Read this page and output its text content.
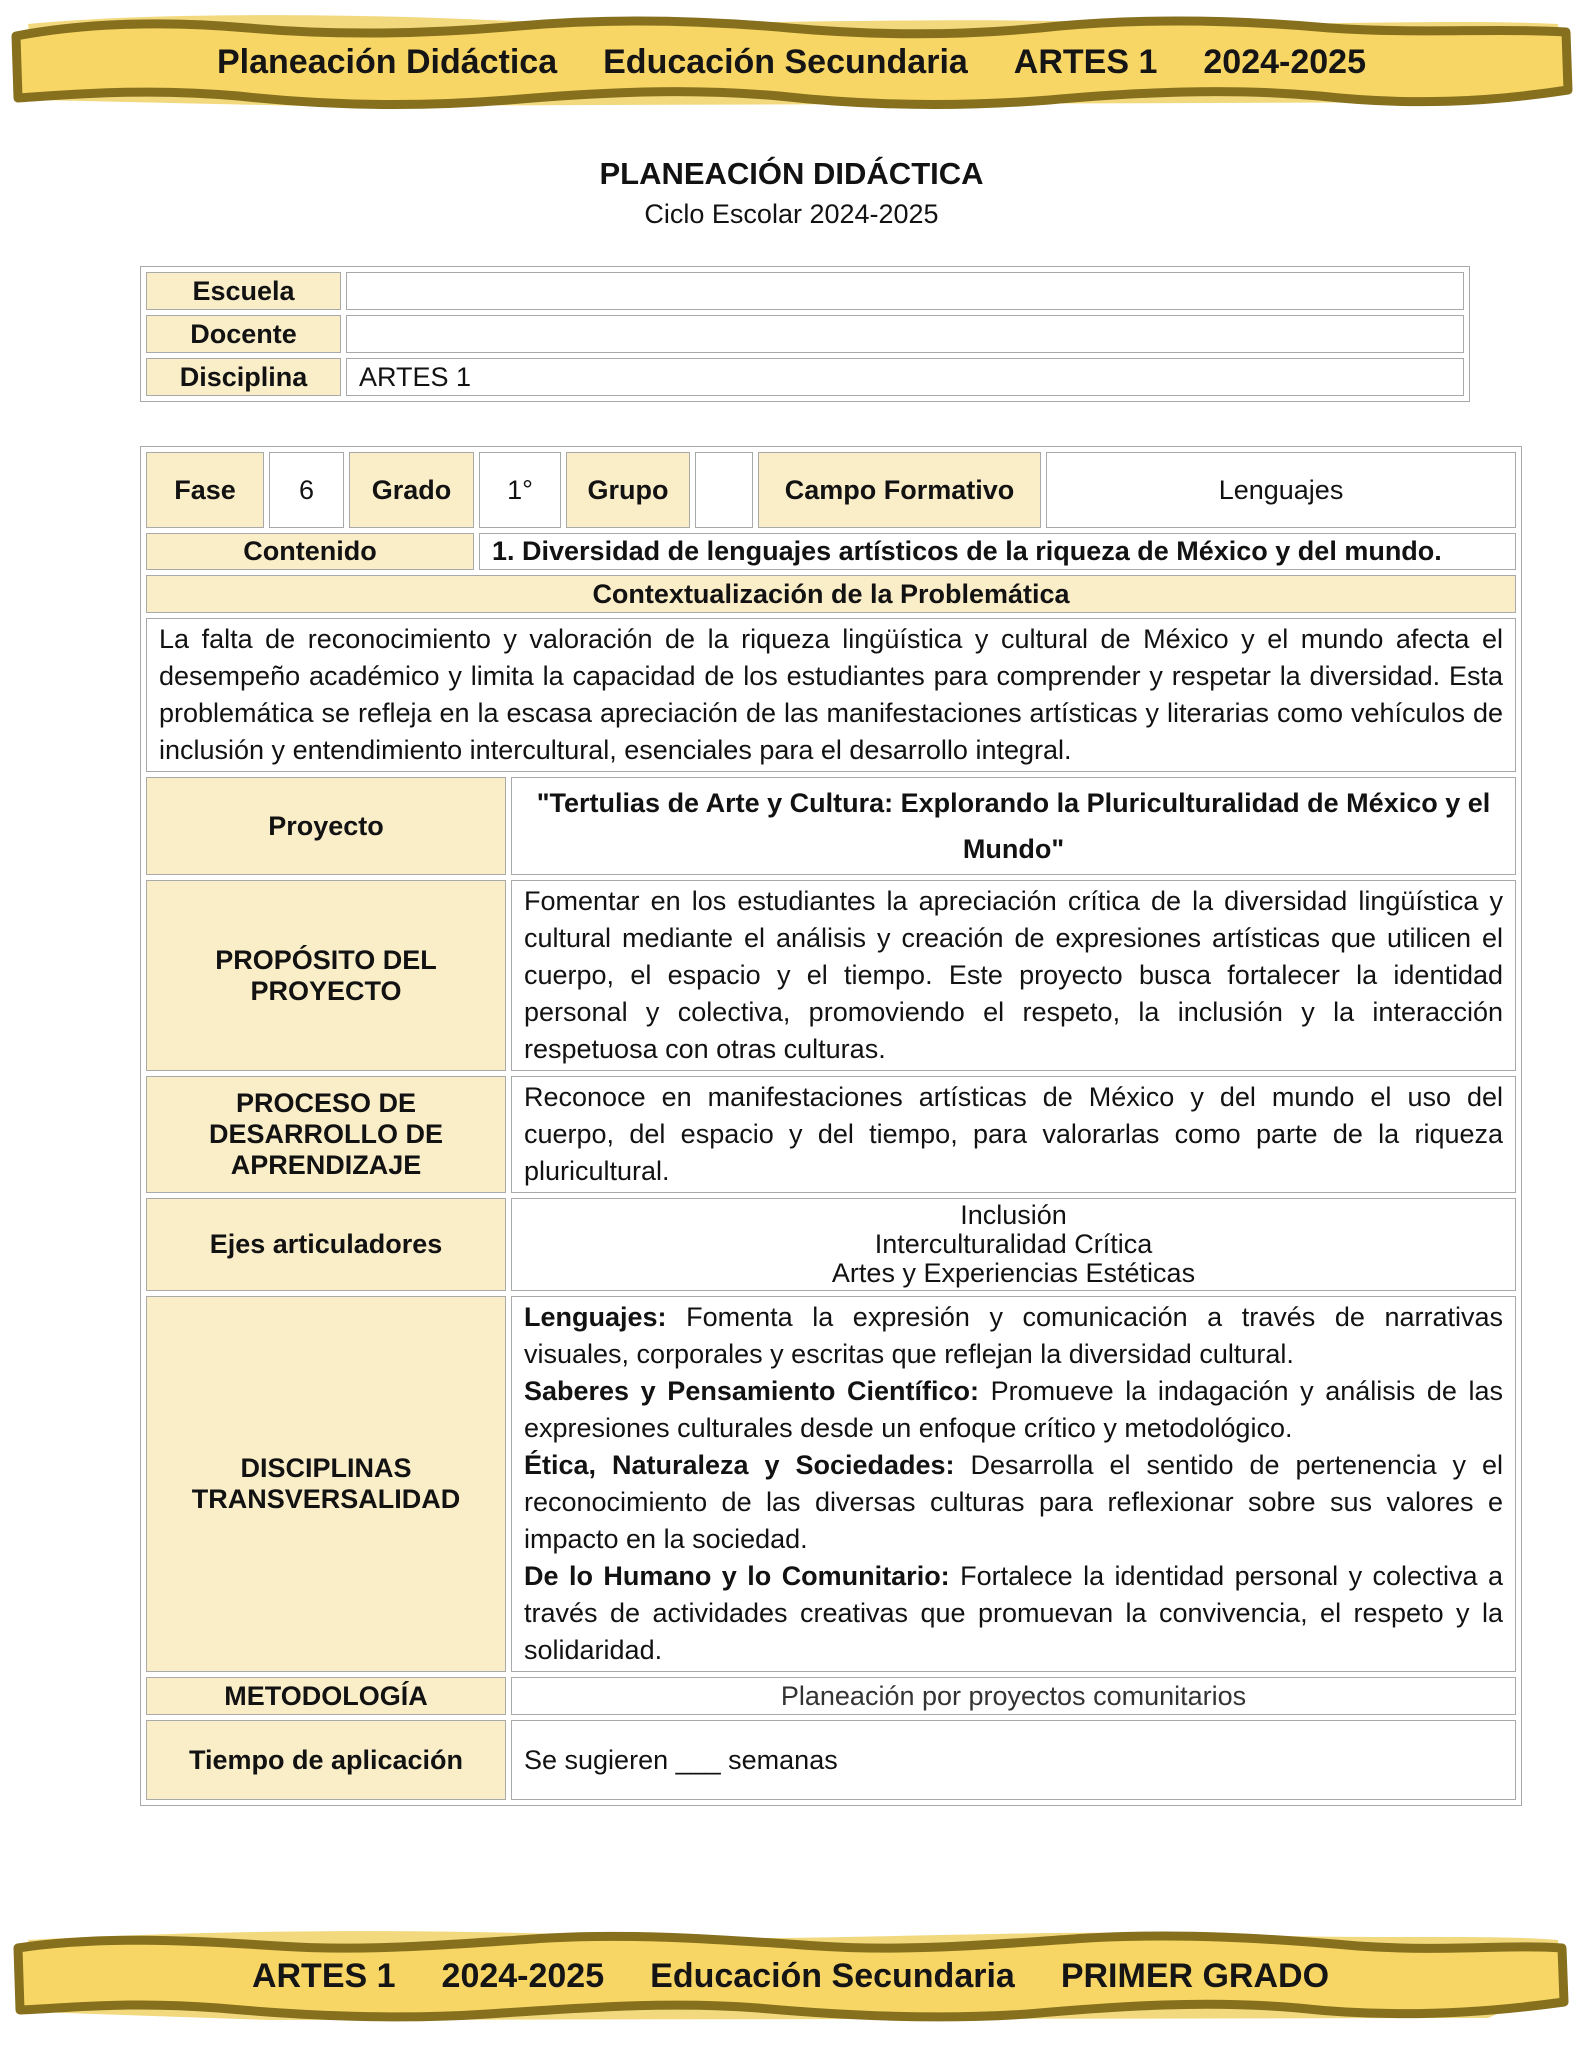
Planeación Didáctica Educación Secundaria ARTES 1 2024-2025
PLANEACIÓN DIDÁCTICA
Ciclo Escolar 2024-2025
Escuela	
Docente	
Disciplina	ARTES 1
Fase	6	Grado	1°		Grupo		Campo Formativo	Lenguajes
Contenido			1. Diversidad de lenguajes artísticos de la riqueza de México y del mundo.					
Contextualización de la Problemática								
La falta de reconocimiento y valoración de la riqueza lingüística y cultural de México y el mundo afecta el desempeño académico y limita la capacidad de los estudiantes para comprender y respetar la diversidad. Esta problemática se refleja en la escasa apreciación de las manifestaciones artísticas y literarias como vehículos de inclusión y entendimiento intercultural, esenciales para el desarrollo integral.								
Proyecto				"Tertulias de Arte y Cultura: Explorando la Pluriculturalidad de México y el Mundo"				
PROPÓSITO DEL PROYECTO				Fomentar en los estudiantes la apreciación crítica de la diversidad lingüística y cultural mediante el análisis y creación de expresiones artísticas que utilicen el cuerpo, el espacio y el tiempo. Este proyecto busca fortalecer la identidad personal y colectiva, promoviendo el respeto, la inclusión y la interacción respetuosa con otras culturas.				
PROCESO DE DESARROLLO DE APRENDIZAJE				Reconoce en manifestaciones artísticas de México y del mundo el uso del cuerpo, del espacio y del tiempo, para valorarlas como parte de la riqueza pluricultural.				
Ejes articuladores				Inclusión
Interculturalidad Crítica
Artes y Experiencias Estéticas				

DISCIPLINAS TRANSVERSALIDAD				Lenguajes: Fomenta la expresión y comunicación a través de narrativas visuales, corporales y escritas que reflejan la diversidad cultural.

Saberes y Pensamiento Científico: Promueve la indagación y análisis de las expresiones culturales desde un enfoque crítico y metodológico.

Ética, Naturaleza y Sociedades: Desarrolla el sentido de pertenencia y el reconocimiento de las diversas culturas para reflexionar sobre sus valores e impacto en la sociedad.

De lo Humano y lo Comunitario: Fortalece la identidad personal y colectiva a través de actividades creativas que promuevan la convivencia, el respeto y la solidaridad.				

METODOLOGÍA				Planeación por proyectos comunitarios				
Tiempo de aplicación				Se sugieren ___ semanas				
ARTES 1 2024-2025 Educación Secundaria PRIMER GRADO
